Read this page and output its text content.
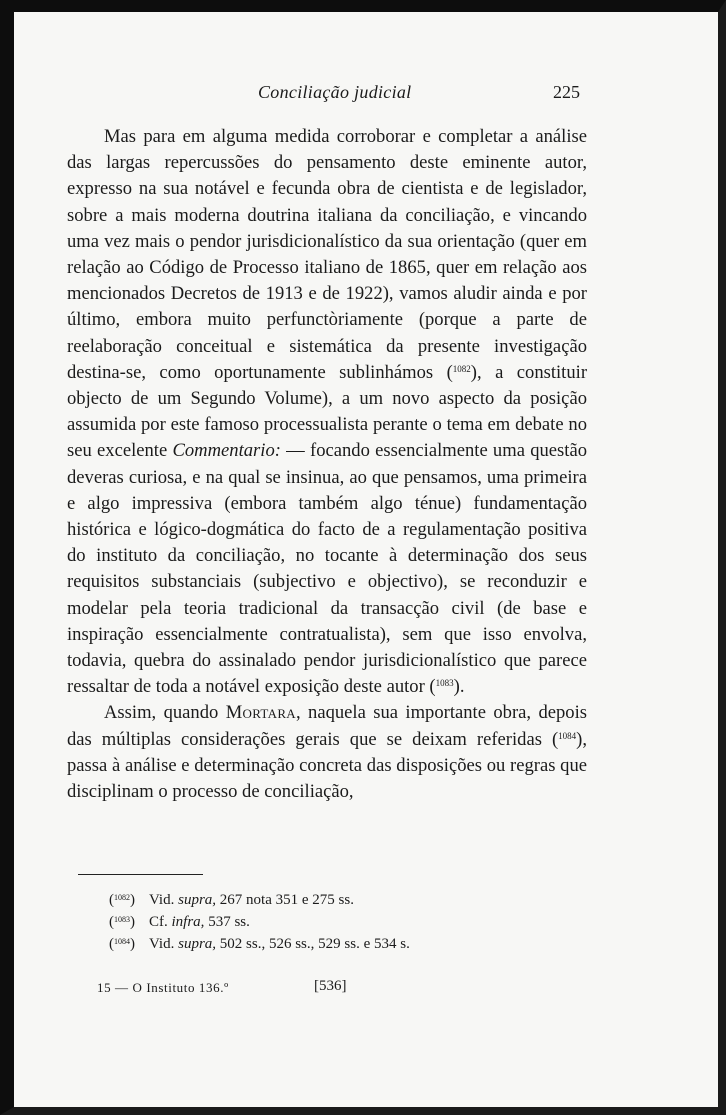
Conciliação judicial	225

Mas para em alguma medida corroborar e completar a análise das largas repercussões do pensamento deste eminente autor, expresso na sua notável e fecunda obra de cientista e de legislador, sobre a mais moderna doutrina italiana da conciliação, e vincando uma vez mais o pendor jurisdicionalístico da sua orientação (quer em relação ao Código de Processo italiano de 1865, quer em relação aos mencionados Decretos de 1913 e de 1922), vamos aludir ainda e por último, embora muito perfunctòriamente (porque a parte de reelaboração conceitual e sistemática da presente investigação destina-se, como oportunamente sublinhámos ($^{1082}$), a constituir objecto de um Segundo Volume), a um novo aspecto da posição assumida por este famoso processualista perante o tema em debate no seu excelente Commentario: — focando essencialmente uma questão deveras curiosa, e na qual se insinua, ao que pensamos, uma primeira e algo impressiva (embora também algo ténue) fundamentação histórica e lógico-dogmática do facto de a regulamentação positiva do instituto da conciliação, no tocante à determinação dos seus requisitos substanciais (subjectivo e objectivo), se reconduzir e modelar pela teoria tradicional da transacção civil (de base e inspiração essencialmente contratualista), sem que isso envolva, todavia, quebra do assinalado pendor jurisdicionalístico que parece ressaltar de toda a notável exposição deste autor ($^{1083}$).

Assim, quando Mortara, naquela sua importante obra, depois das múltiplas considerações gerais que se deixam referidas ($^{1084}$), passa à análise e determinação concreta das disposições ou regras que disciplinam o processo de conciliação,

($^{1082}$) Vid. supra, 267 nota 351 e 275 ss.
($^{1083}$) Cf. infra, 537 ss.
($^{1084}$) Vid. supra, 502 ss., 526 ss., 529 ss. e 534 s.
15 — O Instituto 136.º	[536]
